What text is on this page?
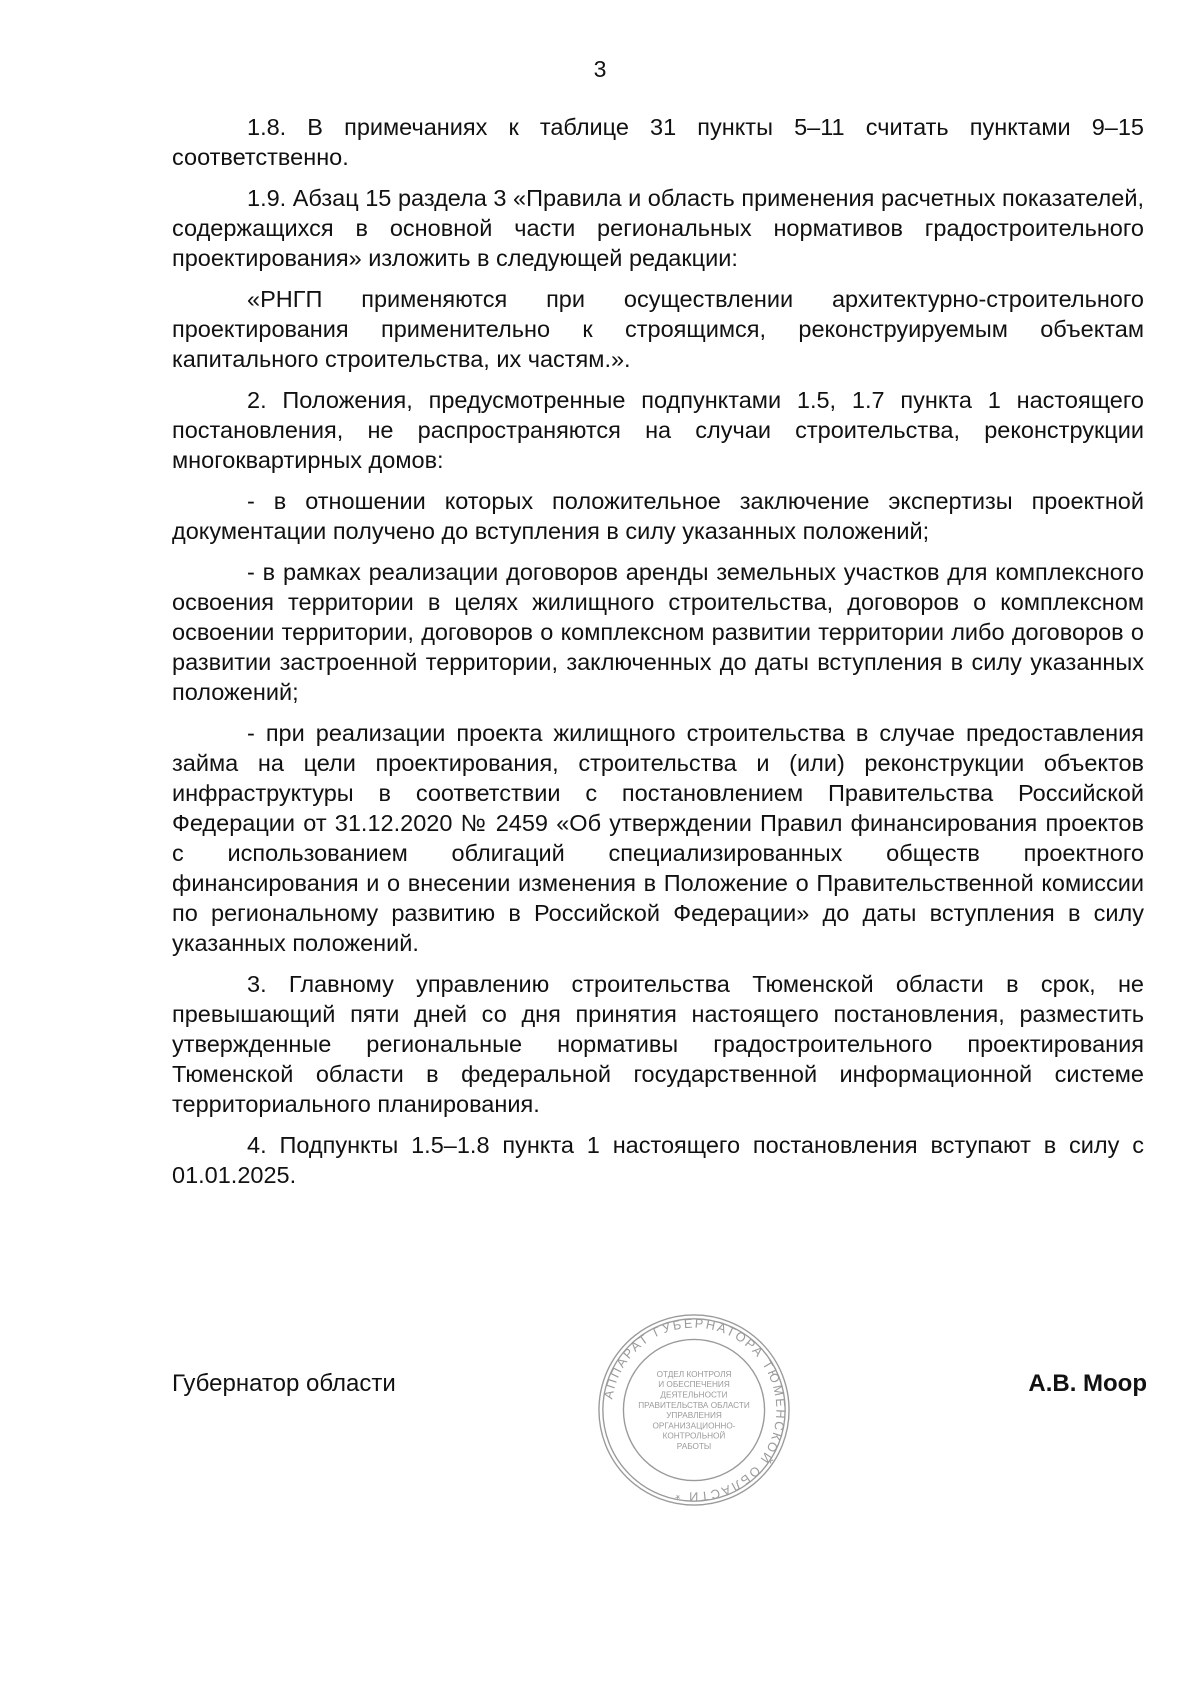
3

1.8. В примечаниях к таблице 31 пункты 5–11 считать пунктами 9–15 соответственно.

1.9. Абзац 15 раздела 3 «Правила и область применения расчетных показателей, содержащихся в основной части региональных нормативов градостроительного проектирования» изложить в следующей редакции:

«РНГП применяются при осуществлении архитектурно-строительного проектирования применительно к строящимся, реконструируемым объектам капитального строительства, их частям.».

2. Положения, предусмотренные подпунктами 1.5, 1.7 пункта 1 настоящего постановления, не распространяются на случаи строительства, реконструкции многоквартирных домов:

- в отношении которых положительное заключение экспертизы проектной документации получено до вступления в силу указанных положений;

- в рамках реализации договоров аренды земельных участков для комплексного освоения территории в целях жилищного строительства, договоров о комплексном освоении территории, договоров о комплексном развитии территории либо договоров о развитии застроенной территории, заключенных до даты вступления в силу указанных положений;

- при реализации проекта жилищного строительства в случае предоставления займа на цели проектирования, строительства и (или) реконструкции объектов инфраструктуры в соответствии с постановлением Правительства Российской Федерации от 31.12.2020 № 2459 «Об утверждении Правил финансирования проектов с использованием облигаций специализированных обществ проектного финансирования и о внесении изменения в Положение о Правительственной комиссии по региональному развитию в Российской Федерации» до даты вступления в силу указанных положений.

3. Главному управлению строительства Тюменской области в срок, не превышающий пяти дней со дня принятия настоящего постановления, разместить утвержденные региональные нормативы градостроительного проектирования Тюменской области в федеральной государственной информационной системе территориального планирования.

4. Подпункты 1.5–1.8 пункта 1 настоящего постановления вступают в силу с 01.01.2025.

Губернатор области	А.В. Моор
АППАРАТ ГУБЕРНАТОРА ТЮМЕНСКОЙ ОБЛАСТИ *
ОТДЕЛ КОНТРОЛЯ
И ОБЕСПЕЧЕНИЯ
ДЕЯТЕЛЬНОСТИ
ПРАВИТЕЛЬСТВА ОБЛАСТИ
УПРАВЛЕНИЯ
ОРГАНИЗАЦИОННО-
КОНТРОЛЬНОЙ
РАБОТЫ
